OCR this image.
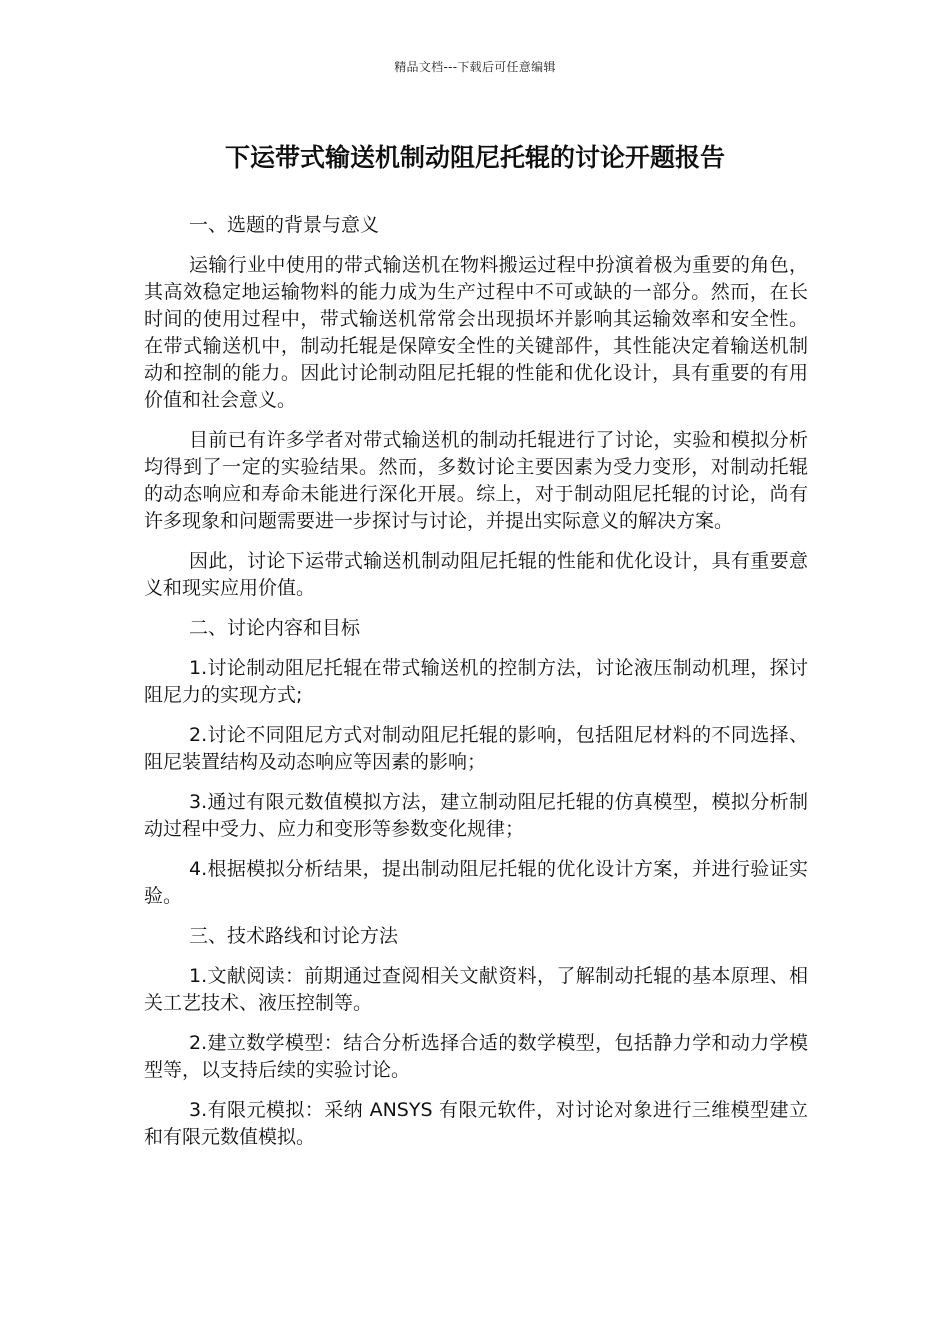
精品文档---下载后可任意编辑
下运带式输送机制动阻尼托辊的讨论开题报告

一、选题的背景与意义

运输行业中使用的带式输送机在物料搬运过程中扮演着极为重要的角色，其高效稳定地运输物料的能力成为生产过程中不可或缺的一部分。然而，在长时间的使用过程中，带式输送机常常会出现损坏并影响其运输效率和安全性。在带式输送机中，制动托辊是保障安全性的关键部件，其性能决定着输送机制动和控制的能力。因此讨论制动阻尼托辊的性能和优化设计，具有重要的有用价值和社会意义。

目前已有许多学者对带式输送机的制动托辊进行了讨论，实验和模拟分析均得到了一定的实验结果。然而，多数讨论主要因素为受力变形，对制动托辊的动态响应和寿命未能进行深化开展。综上，对于制动阻尼托辊的讨论，尚有许多现象和问题需要进一步探讨与讨论，并提出实际意义的解决方案。

因此，讨论下运带式输送机制动阻尼托辊的性能和优化设计，具有重要意义和现实应用价值。

二、讨论内容和目标

1.讨论制动阻尼托辊在带式输送机的控制方法，讨论液压制动机理，探讨阻尼力的实现方式;

2.讨论不同阻尼方式对制动阻尼托辊的影响，包括阻尼材料的不同选择、阻尼装置结构及动态响应等因素的影响；

3.通过有限元数值模拟方法，建立制动阻尼托辊的仿真模型，模拟分析制动过程中受力、应力和变形等参数变化规律；

4.根据模拟分析结果，提出制动阻尼托辊的优化设计方案，并进行验证实验。

三、技术路线和讨论方法

1.文献阅读：前期通过查阅相关文献资料，了解制动托辊的基本原理、相关工艺技术、液压控制等。

2.建立数学模型：结合分析选择合适的数学模型，包括静力学和动力学模型等，以支持后续的实验讨论。

3.有限元模拟：采纳 ANSYS 有限元软件，对讨论对象进行三维模型建立和有限元数值模拟。
